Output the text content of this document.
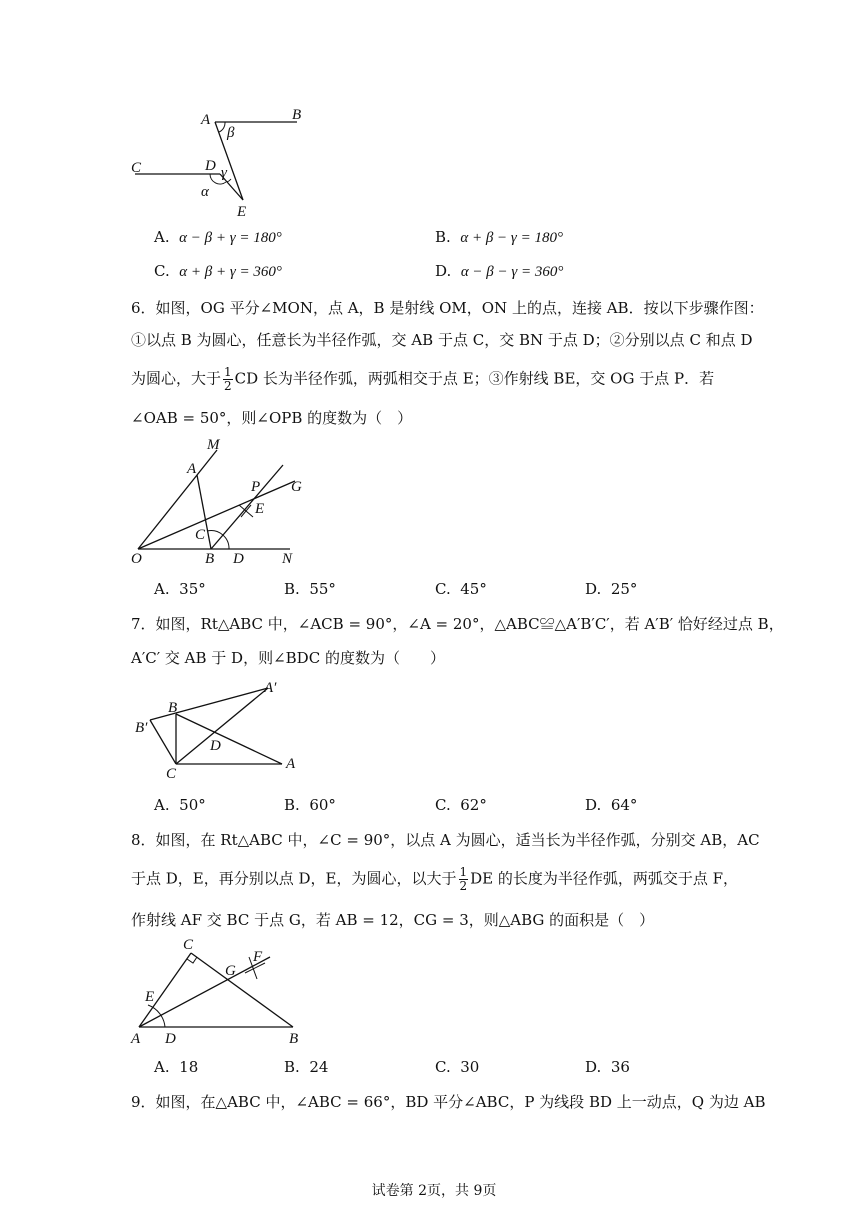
A	B
C	D
E
β
γ
α
A. α − β + γ = 180°	B. α + β − γ = 180°
C. α + β + γ = 360°	D. α − β − γ = 360°
6．如图，OG 平分∠MON，点 A，B 是射线 OM，ON 上的点，连接 AB．按以下步骤作图：
①以点 B 为圆心，任意长为半径作弧，交 AB 于点 C，交 BN 于点 D；②分别以点 C 和点 D
为圆心，大于 $\frac{1}{2}$ CD 长为半径作弧，两弧相交于点 E；③作射线 BE，交 OG 于点 P．若
∠OAB = 50°，则∠OPB 的度数为（　）
M
A
P G
E
C
O	B D	N
A. 35°	B. 55°	C. 45°	D. 25°
7．如图，Rt△ABC 中，∠ACB = 90°，∠A = 20°，△ABC≌△A′B′C′，若 A′B′ 恰好经过点 B，
A′C′ 交 AB 于 D，则∠BDC 的度数为（　　）
A′
B
B′
D
C
A
A. 50°	B. 60°	C. 62°	D. 64°
8．如图，在 Rt△ABC 中，∠C = 90°，以点 A 为圆心，适当长为半径作弧，分别交 AB，AC
于点 D，E，再分别以点 D，E，为圆心，以大于 $\frac{1}{2}$ DE 的长度为半径作弧，两弧交于点 F，
作射线 AF 交 BC 于点 G，若 AB = 12，CG = 3，则△ABG 的面积是（　）
C
G
F
E
A D	B
A. 18	B. 24	C. 30	D. 36
9．如图，在△ABC 中，∠ABC = 66°，BD 平分∠ABC，P 为线段 BD 上一动点，Q 为边 AB
试卷第 2页，共 9页
